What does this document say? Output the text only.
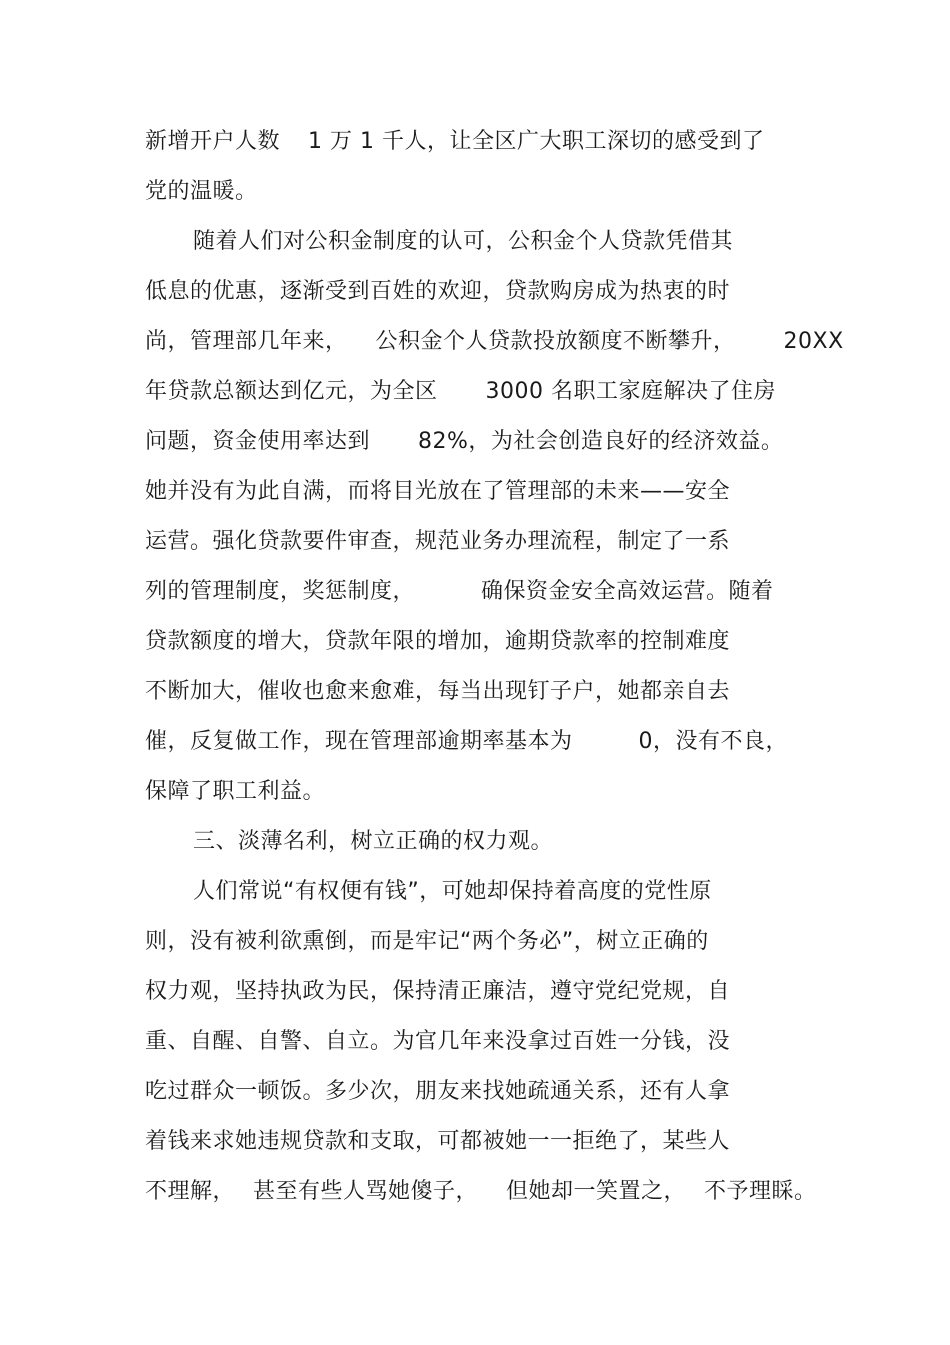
新增开户人数 1 万 1 千人，让全区广大职工深切的感受到了
党的温暖。
随着人们对公积金制度的认可，公积金个人贷款凭借其
低息的优惠，逐渐受到百姓的欢迎，贷款购房成为热衷的时
尚，管理部几年来， 公积金个人贷款投放额度不断攀升， 20XX
年贷款总额达到亿元，为全区 3000 名职工家庭解决了住房
问题，资金使用率达到 82%，为社会创造良好的经济效益。
她并没有为此自满，而将目光放在了管理部的未来——安全
运营。强化贷款要件审查，规范业务办理流程，制定了一系
列的管理制度，奖惩制度，	确保资金安全高效运营。随着
贷款额度的增大，贷款年限的增加，逾期贷款率的控制难度
不断加大，催收也愈来愈难，每当出现钉子户，她都亲自去
催，反复做工作，现在管理部逾期率基本为	0，没有不良，
保障了职工利益。
三、淡薄名利，树立正确的权力观。
人们常说“有权便有钱”，可她却保持着高度的党性原
则，没有被利欲熏倒，而是牢记“两个务必”，树立正确的
权力观，坚持执政为民，保持清正廉洁，遵守党纪党规，自
重、自醒、自警、自立。为官几年来没拿过百姓一分钱，没
吃过群众一顿饭。多少次，朋友来找她疏通关系，还有人拿
着钱来求她违规贷款和支取，可都被她一一拒绝了，某些人
不理解， 甚至有些人骂她傻子， 但她却一笑置之， 不予理睬。
